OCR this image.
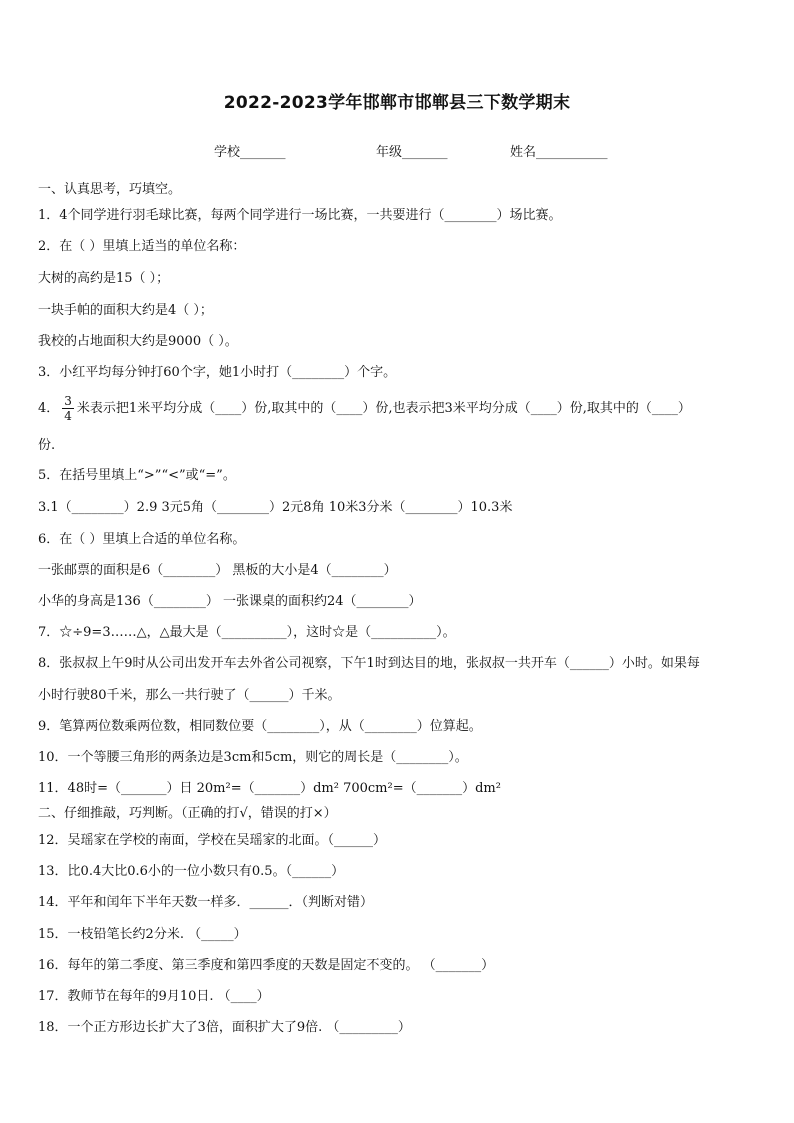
2022-2023学年邯郸市邯郸县三下数学期末
学校_______	年级_______	姓名___________
一、认真思考，巧填空。
1．4个同学进行羽毛球比赛，每两个同学进行一场比赛，一共要进行（________）场比赛。
2．在（ ）里填上适当的单位名称：
大树的高约是15（ ）；
一块手帕的面积大约是4（ ）；
我校的占地面积大约是9000（ ）。
3．小红平均每分钟打60个字，她1小时打（________）个字。
4． $\frac{3}{4}$ 米表示把1米平均分成（____）份,取其中的（____）份,也表示把3米平均分成（____）份,取其中的（____）
份.
5．在括号里填上“>”“<”或“=”。
3.1（________）2.9 3元5角（________）2元8角 10米3分米（________）10.3米
6．在（ ）里填上合适的单位名称。
一张邮票的面积是6（________） 黑板的大小是4（________）
小华的身高是136（________） 一张课桌的面积约24（________）
7．☆÷9=3……△，△最大是（__________），这时☆是（__________）。
8．张叔叔上午9时从公司出发开车去外省公司视察，下午1时到达目的地，张叔叔一共开车（______）小时。如果每
小时行驶80千米，那么一共行驶了（______）千米。
9．笔算两位数乘两位数，相同数位要（________），从（________）位算起。
10．一个等腰三角形的两条边是3cm和5cm，则它的周长是（________）。
11．48时=（_______）日 20m²=（_______）dm² 700cm²=（_______）dm²
二、仔细推敲，巧判断。（正确的打√，错误的打×）
12．吴瑶家在学校的南面，学校在吴瑶家的北面。（______）
13．比0.4大比0.6小的一位小数只有0.5。（______）
14．平年和闰年下半年天数一样多．______．（判断对错）
15．一枝铅笔长约2分米. （_____）
16．每年的第二季度、第三季度和第四季度的天数是固定不变的。 （_______）
17．教师节在每年的9月10日. （____）
18．一个正方形边长扩大了3倍，面积扩大了9倍. （_________）
